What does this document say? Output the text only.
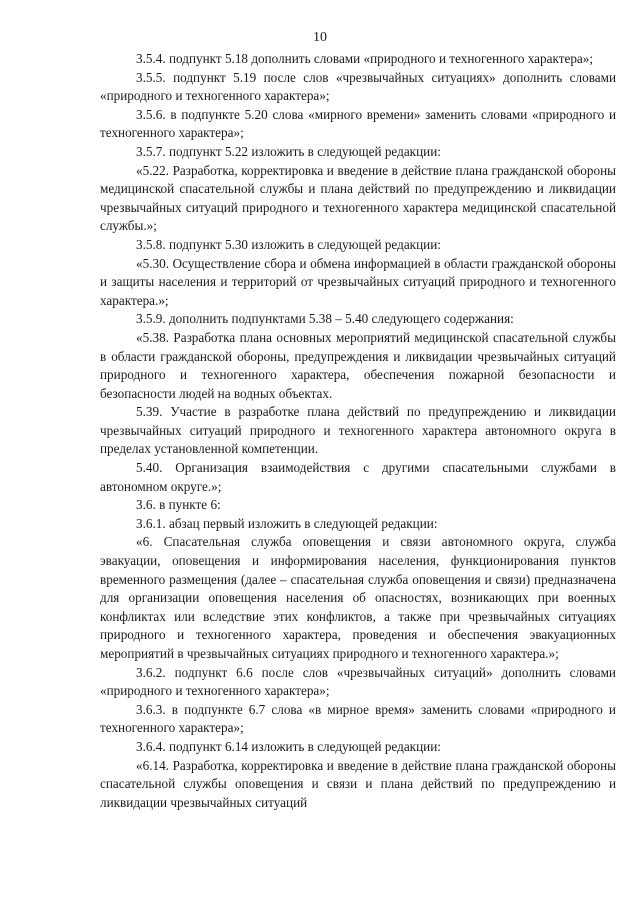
10

3.5.4. подпункт 5.18 дополнить словами «природного и техногенного характера»;

3.5.5. подпункт 5.19 после слов «чрезвычайных ситуациях» дополнить словами «природного и техногенного характера»;

3.5.6. в подпункте 5.20 слова «мирного времени» заменить словами «природного и техногенного характера»;

3.5.7. подпункт 5.22 изложить в следующей редакции:

«5.22. Разработка, корректировка и введение в действие плана гражданской обороны медицинской спасательной службы и плана действий по предупреждению и ликвидации чрезвычайных ситуаций природного и техногенного характера медицинской спасательной службы.»;

3.5.8. подпункт 5.30 изложить в следующей редакции:

«5.30. Осуществление сбора и обмена информацией в области гражданской обороны и защиты населения и территорий от чрезвычайных ситуаций природного и техногенного характера.»;

3.5.9. дополнить подпунктами 5.38 – 5.40 следующего содержания:

«5.38. Разработка плана основных мероприятий медицинской спасательной службы в области гражданской обороны, предупреждения и ликвидации чрезвычайных ситуаций природного и техногенного характера, обеспечения пожарной безопасности и безопасности людей на водных объектах.

5.39. Участие в разработке плана действий по предупреждению и ликвидации чрезвычайных ситуаций природного и техногенного характера автономного округа в пределах установленной компетенции.

5.40. Организация взаимодействия с другими спасательными службами в автономном округе.»;

3.6. в пункте 6:

3.6.1. абзац первый изложить в следующей редакции:

«6. Спасательная служба оповещения и связи автономного округа, служба эвакуации, оповещения и информирования населения, функционирования пунктов временного размещения (далее – спасательная служба оповещения и связи) предназначена для организации оповещения населения об опасностях, возникающих при военных конфликтах или вследствие этих конфликтов, а также при чрезвычайных ситуациях природного и техногенного характера, проведения и обеспечения эвакуационных мероприятий в чрезвычайных ситуациях природного и техногенного характера.»;

3.6.2. подпункт 6.6 после слов «чрезвычайных ситуаций» дополнить словами «природного и техногенного характера»;

3.6.3. в подпункте 6.7 слова «в мирное время» заменить словами «природного и техногенного характера»;

3.6.4. подпункт 6.14 изложить в следующей редакции:

«6.14. Разработка, корректировка и введение в действие плана гражданской обороны спасательной службы оповещения и связи и плана действий по предупреждению и ликвидации чрезвычайных ситуаций
